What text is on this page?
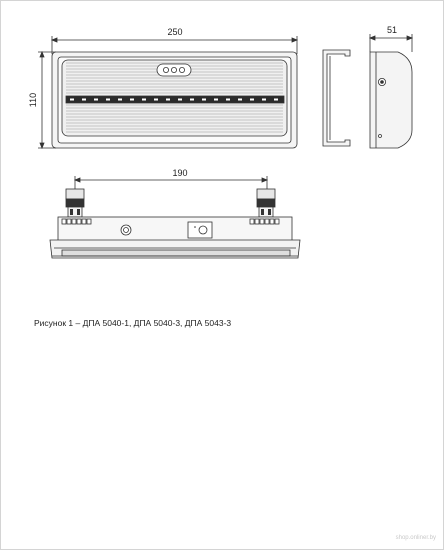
250
110
51
190
Рисунок 1 – ДПА 5040-1, ДПА 5040-3, ДПА 5043-3
shop.onliner.by
